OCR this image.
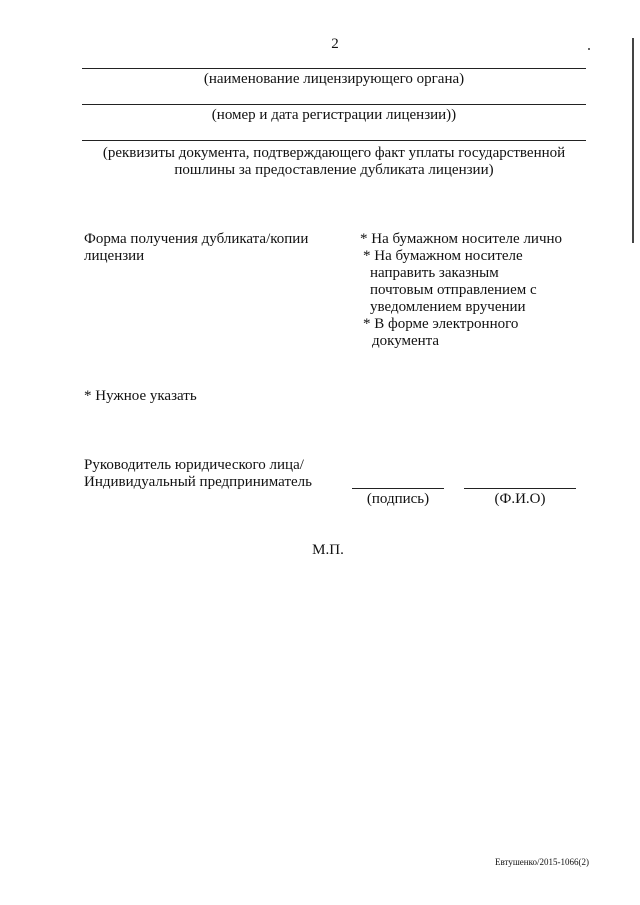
2
(наименование лицензирующего органа)
(номер и дата регистрации лицензии))
(реквизиты документа, подтверждающего факт уплаты государственной
пошлины за предоставление дубликата лицензии)
Форма получения дубликата/копии
лицензии
* На бумажном носителе лично
* На бумажном носителе
направить заказным
почтовым отправлением с
уведомлением вручении
* В форме электронного
документа
* Нужное указать
Руководитель юридического лица/
Индивидуальный предприниматель
(подпись)	(Ф.И.О)
М.П.
Евтушенко/2015-1066(2)
